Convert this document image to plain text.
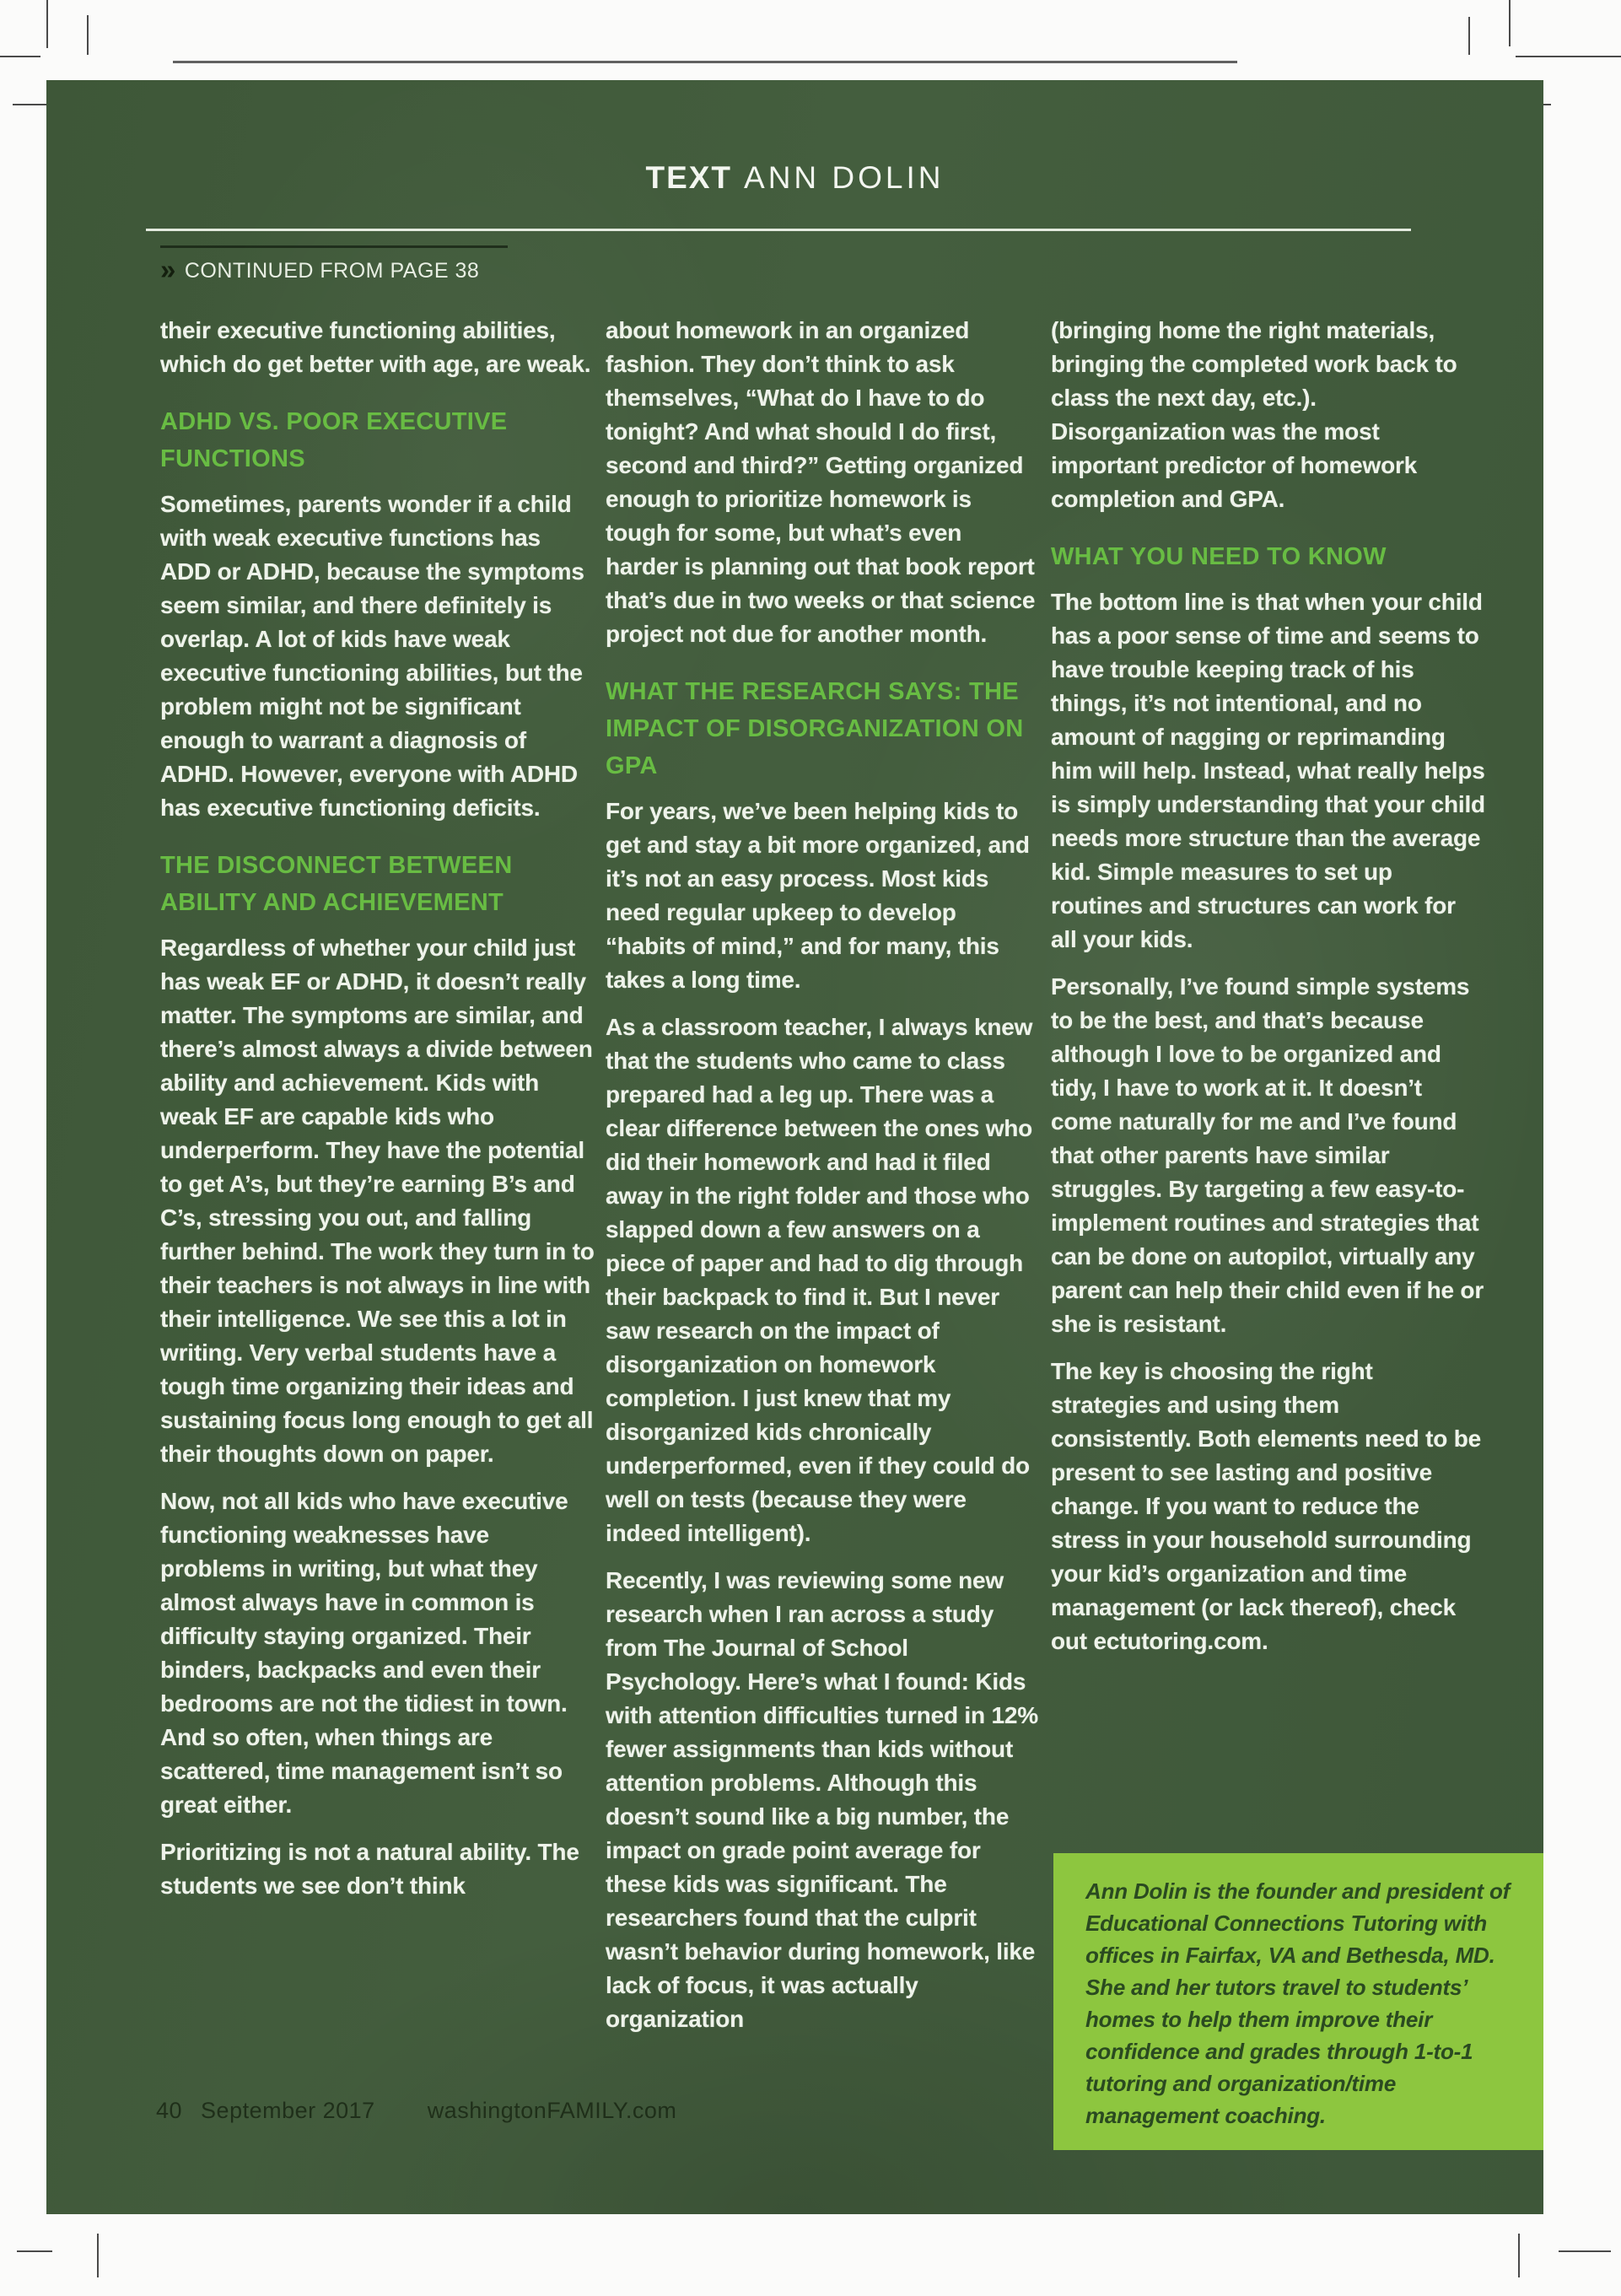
TEXT ANN DOLIN
» CONTINUED FROM PAGE 38

their executive functioning abilities, which do get better with age, are weak.

ADHD VS. POOR EXECUTIVE FUNCTIONS

Sometimes, parents wonder if a child with weak executive functions has ADD or ADHD, because the symptoms seem similar, and there definitely is overlap. A lot of kids have weak executive functioning abilities, but the problem might not be significant enough to warrant a diagnosis of ADHD. However, everyone with ADHD has executive functioning deficits.

THE DISCONNECT BETWEEN ABILITY AND ACHIEVEMENT

Regardless of whether your child just has weak EF or ADHD, it doesn’t really matter. The symptoms are similar, and there’s almost always a divide between ability and achievement. Kids with weak EF are capable kids who underperform. They have the potential to get A’s, but they’re earning B’s and C’s, stressing you out, and falling further behind. The work they turn in to their teachers is not always in line with their intelligence. We see this a lot in writing. Very verbal students have a tough time organizing their ideas and sustaining focus long enough to get all their thoughts down on paper.

Now, not all kids who have executive functioning weaknesses have problems in writing, but what they almost always have in common is difficulty staying organized. Their binders, backpacks and even their bedrooms are not the tidiest in town. And so often, when things are scattered, time management isn’t so great either.

Prioritizing is not a natural ability. The students we see don’t think

about homework in an organized fashion. They don’t think to ask themselves, “What do I have to do tonight? And what should I do first, second and third?” Getting organized enough to prioritize homework is tough for some, but what’s even harder is planning out that book report that’s due in two weeks or that science project not due for another month.

WHAT THE RESEARCH SAYS: THE IMPACT OF DISORGANIZATION ON GPA

For years, we’ve been helping kids to get and stay a bit more organized, and it’s not an easy process. Most kids need regular upkeep to develop “habits of mind,” and for many, this takes a long time.

As a classroom teacher, I always knew that the students who came to class prepared had a leg up. There was a clear difference between the ones who did their homework and had it filed away in the right folder and those who slapped down a few answers on a piece of paper and had to dig through their backpack to find it. But I never saw research on the impact of disorganization on homework completion. I just knew that my disorganized kids chronically underperformed, even if they could do well on tests (because they were indeed intelligent).

Recently, I was reviewing some new research when I ran across a study from The Journal of School Psychology. Here’s what I found: Kids with attention difficulties turned in 12% fewer assignments than kids without attention problems. Although this doesn’t sound like a big number, the impact on grade point average for these kids was significant. The researchers found that the culprit wasn’t behavior during homework, like lack of focus, it was actually organization

(bringing home the right materials, bringing the completed work back to class the next day, etc.). Disorganization was the most important predictor of homework completion and GPA.

WHAT YOU NEED TO KNOW

The bottom line is that when your child has a poor sense of time and seems to have trouble keeping track of his things, it’s not intentional, and no amount of nagging or reprimanding him will help. Instead, what really helps is simply understanding that your child needs more structure than the average kid. Simple measures to set up routines and structures can work for all your kids.

Personally, I’ve found simple systems to be the best, and that’s because although I love to be organized and tidy, I have to work at it. It doesn’t come naturally for me and I’ve found that other parents have similar struggles. By targeting a few easy-to-implement routines and strategies that can be done on autopilot, virtually any parent can help their child even if he or she is resistant.

The key is choosing the right strategies and using them consistently. Both elements need to be present to see lasting and positive change. If you want to reduce the stress in your household surrounding your kid’s organization and time management (or lack thereof), check out ectutoring.com.

Ann Dolin is the founder and president of Educational Connections Tutoring with offices in Fairfax, VA and Bethesda, MD. She and her tutors travel to students’ homes to help them improve their confidence and grades through 1-to-1 tutoring and organization/time management coaching.

40 September 2017 washingtonFAMILY.com
